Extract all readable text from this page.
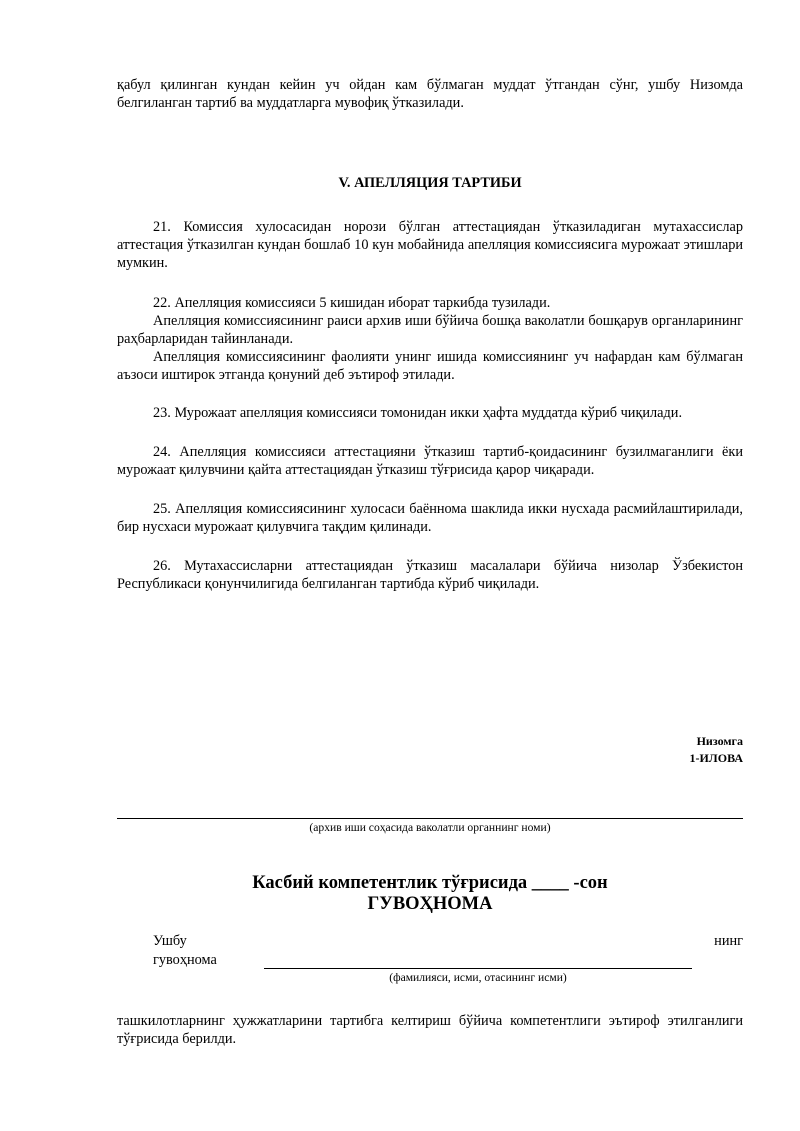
қабул қилинган кундан кейин уч ойдан кам бўлмаган муддат ўтгандан сўнг, ушбу Низомда белгиланган тартиб ва муддатларга мувофиқ ўтказилади.

V. АПЕЛЛЯЦИЯ ТАРТИБИ

21. Комиссия хулосасидан норози бўлган аттестациядан ўтказиладиган мутахассислар аттестация ўтказилган кундан бошлаб 10 кун мобайнида апелляция комиссиясига мурожаат этишлари мумкин.

22. Апелляция комиссияси 5 кишидан иборат таркибда тузилади.

Апелляция комиссиясининг раиси архив иши бўйича бошқа ваколатли бошқарув органларининг раҳбарларидан тайинланади.

Апелляция комиссиясининг фаолияти унинг ишида комиссиянинг уч нафардан кам бўлмаган аъзоси иштирок этганда қонуний деб эътироф этилади.

23. Мурожаат апелляция комиссияси томонидан икки ҳафта муддатда кўриб чиқилади.

24. Апелляция комиссияси аттестацияни ўтказиш тартиб-қоидасининг бузилмаганлиги ёки мурожаат қилувчини қайта аттестациядан ўтказиш тўғрисида қарор чиқаради.

25. Апелляция комиссиясининг хулосаси баённома шаклида икки нусхада расмийлаштирилади, бир нусхаси мурожаат қилувчига тақдим қилинади.

26. Мутахассисларни аттестациядан ўтказиш масалалари бўйича низолар Ўзбекистон Республикаси қонунчилигида белгиланган тартибда кўриб чиқилади.

Низомга
1-ИЛОВА
(архив иши соҳасида ваколатли органнинг номи)
Касбий компетентлик тўғрисида ____ -сон
ГУВОҲНОМА
Ушбу	нинг
гувоҳнома
(фамилияси, исми, отасининг исми)

ташкилотларнинг ҳужжатларини тартибга келтириш бўйича компетентлиги эътироф этилганлиги тўғрисида берилди.
